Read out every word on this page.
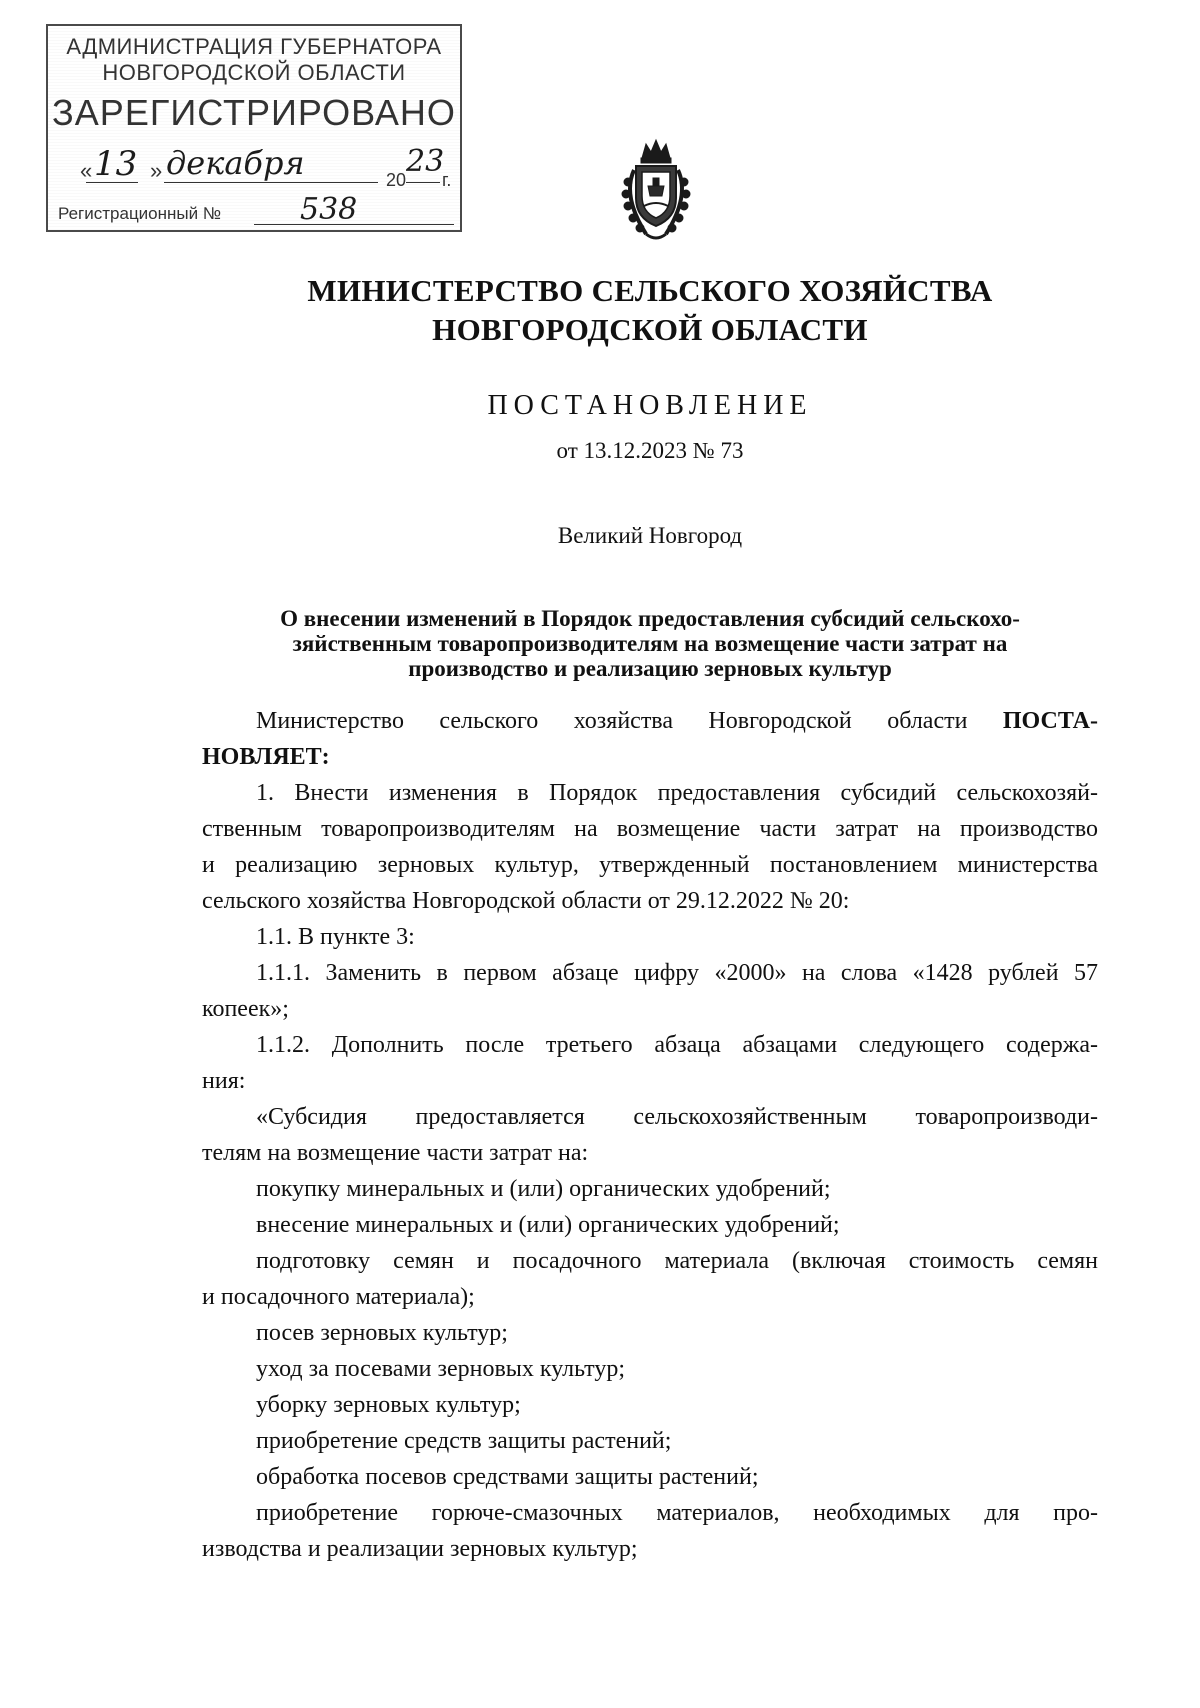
АДМИНИСТРАЦИЯ ГУБЕРНАТОРА
НОВГОРОДСКОЙ ОБЛАСТИ
ЗАРЕГИСТРИРОВАНО
« 13 » декабря	20
23
г.
Регистрационный №	538
МИНИСТЕРСТВО СЕЛЬСКОГО ХОЗЯЙСТВА
НОВГОРОДСКОЙ ОБЛАСТИ
ПОСТАНОВЛЕНИЕ
от 13.12.2023 № 73
Великий Новгород
О внесении изменений в Порядок предоставления субсидий сельскохо-
зяйственным товаропроизводителям на возмещение части затрат на
производство и реализацию зерновых культур
Министерство сельского хозяйства Новгородской области ПОСТА-
НОВЛЯЕТ:
1. Внести изменения в Порядок предоставления субсидий сельскохозяй-
ственным товаропроизводителям на возмещение части затрат на производство
и реализацию зерновых культур, утвержденный постановлением министерства
сельского хозяйства Новгородской области от 29.12.2022 № 20:
1.1. В пункте 3:
1.1.1. Заменить в первом абзаце цифру «2000» на слова «1428 рублей 57
копеек»;
1.1.2. Дополнить после третьего абзаца абзацами следующего содержа-
ния:
«Субсидия предоставляется сельскохозяйственным товаропроизводи-
телям на возмещение части затрат на:
покупку минеральных и (или) органических удобрений;
внесение минеральных и (или) органических удобрений;
подготовку семян и посадочного материала (включая стоимость семян
и посадочного материала);
посев зерновых культур;
уход за посевами зерновых культур;
уборку зерновых культур;
приобретение средств защиты растений;
обработка посевов средствами защиты растений;
приобретение горюче-смазочных материалов, необходимых для про-
изводства и реализации зерновых культур;
